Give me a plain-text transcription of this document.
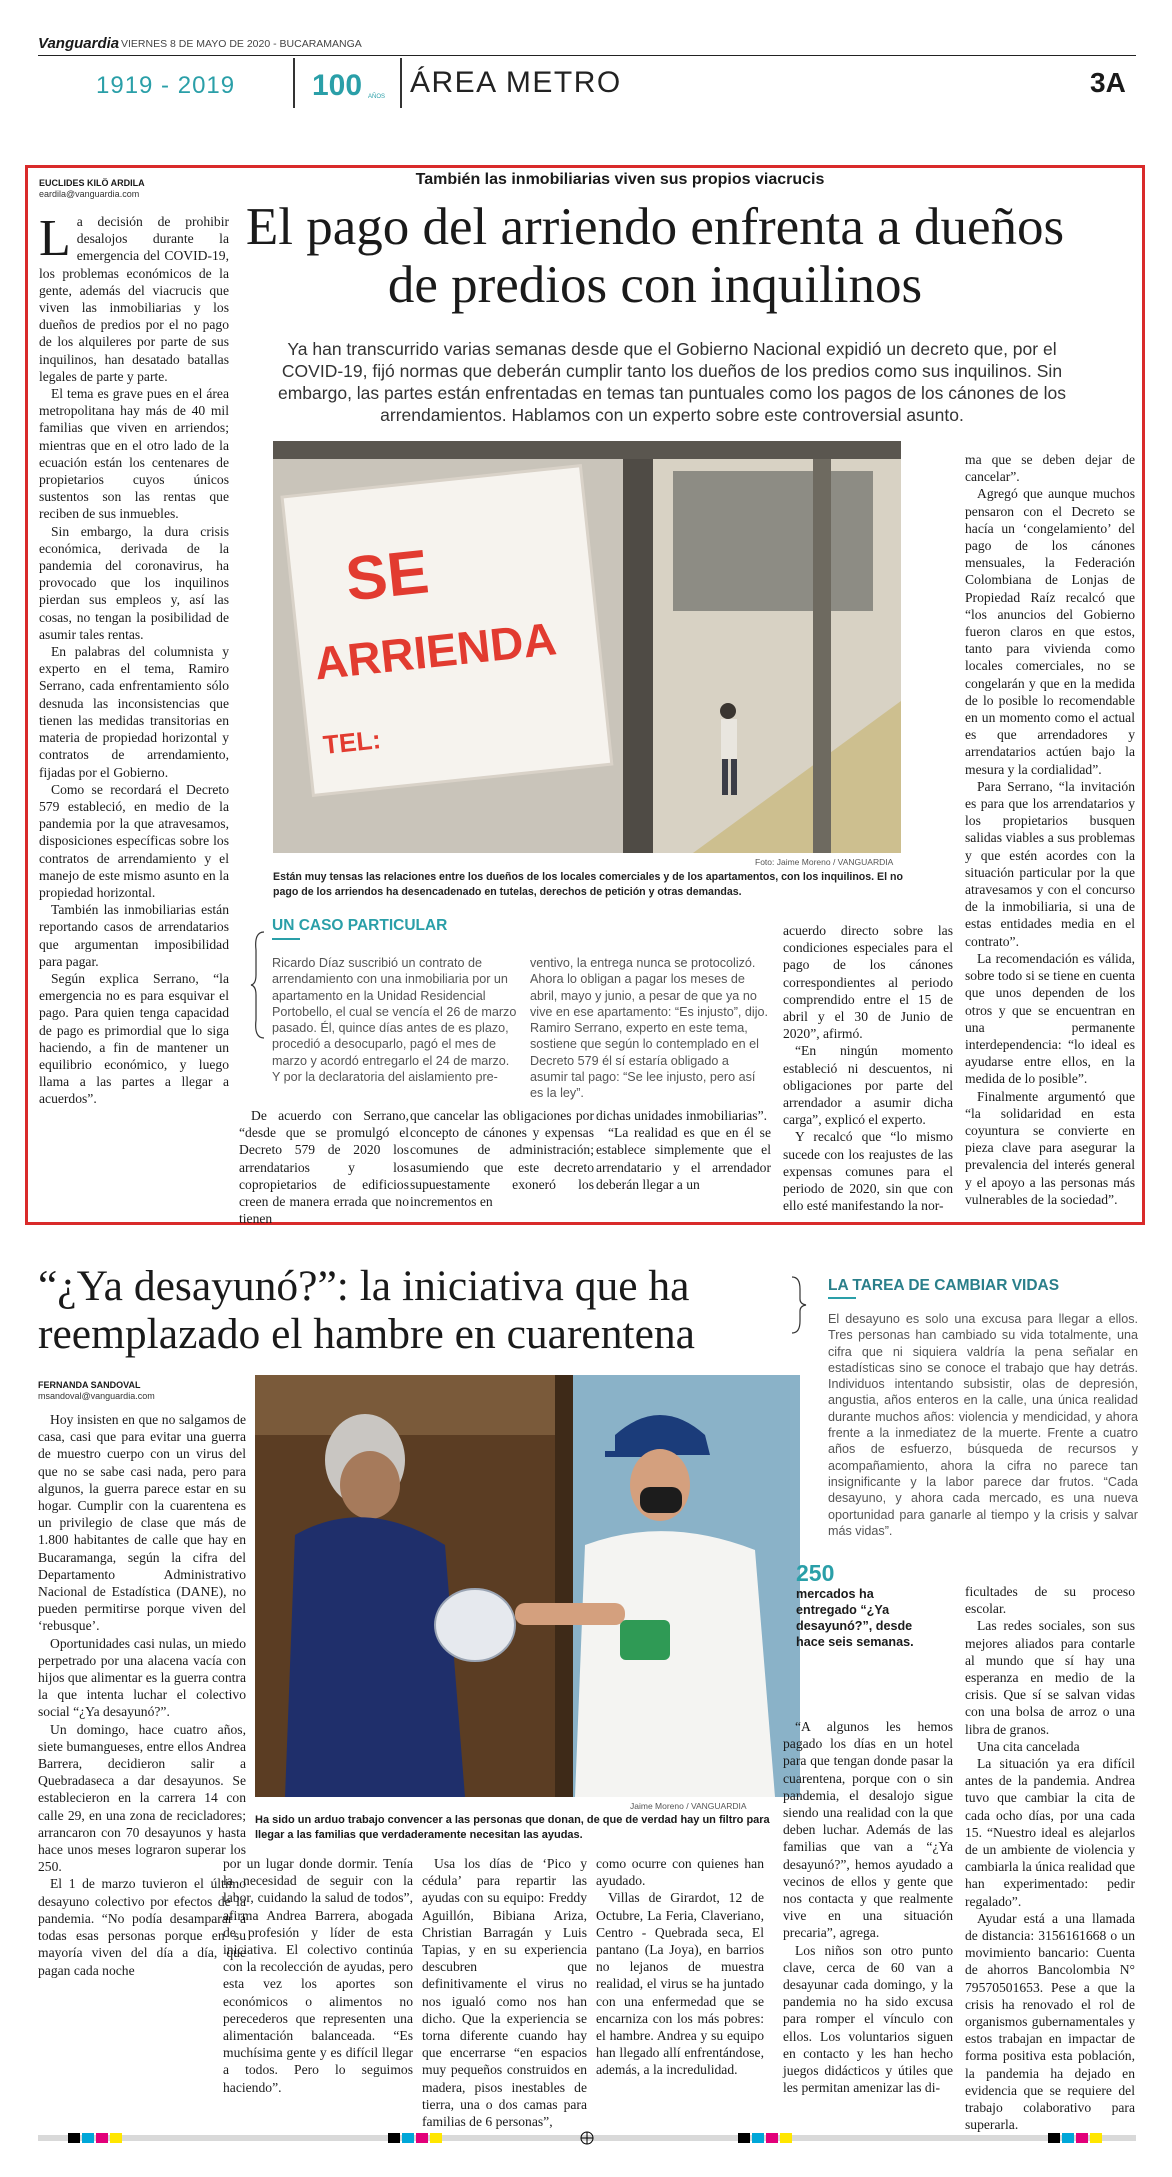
Vanguardia VIERNES 8 DE MAYO DE 2020 - BUCARAMANGA
1919 - 2019	100 AÑOS ÁREA METRO	3A
EUCLIDES KILÖ ARDILA
eardila@vanguardia.com
También las inmobiliarias viven sus propios viacrucis
El pago del arriendo enfrenta a dueños de predios con inquilinos
Ya han transcurrido varias semanas desde que el Gobierno Nacional expidió un decreto que, por el COVID-19, fijó normas que deberán cumplir tanto los dueños de los predios como sus inquilinos. Sin embargo, las partes están enfrentadas en temas tan puntuales como los pagos de los cánones de los arrendamientos. Hablamos con un experto sobre este controversial asunto.

La decisión de prohibir desalojos durante la emergencia del COVID-19, los problemas económicos de la gente, además del viacrucis que viven las inmobiliarias y los dueños de predios por el no pago de los alquileres por parte de sus inquilinos, han desatado batallas legales de parte y parte.

El tema es grave pues en el área metropolitana hay más de 40 mil familias que viven en arriendos; mientras que en el otro lado de la ecuación están los centenares de propietarios cuyos únicos sustentos son las rentas que reciben de sus inmuebles.

Sin embargo, la dura crisis económica, derivada de la pandemia del coronavirus, ha provocado que los inquilinos pierdan sus empleos y, así las cosas, no tengan la posibilidad de asumir tales rentas.

En palabras del columnista y experto en el tema, Ramiro Serrano, cada enfrentamiento sólo desnuda las inconsistencias que tienen las medidas transitorias en materia de propiedad horizontal y contratos de arrendamiento, fijadas por el Gobierno.

Como se recordará el Decreto 579 estableció, en medio de la pandemia por la que atravesamos, disposiciones específicas sobre los contratos de arrendamiento y el manejo de este mismo asunto en la propiedad horizontal.

También las inmobiliarias están reportando casos de arrendatarios que argumentan imposibilidad para pagar.

Según explica Serrano, “la emergencia no es para esquivar el pago. Para quien tenga capacidad de pago es primordial que lo siga haciendo, a fin de mantener un equilibrio económico, y luego llama a las partes a llegar a acuerdos”.

SE
ARRIENDA
TEL:
Foto: Jaime Moreno / VANGUARDIA
Están muy tensas las relaciones entre los dueños de los locales comerciales y de los apartamentos, con los inquilinos. El no pago de los arriendos ha desencadenado en tutelas, derechos de petición y otras demandas.
UN CASO PARTICULAR

Ricardo Díaz suscribió un contrato de arrendamiento con una inmobiliaria por un apartamento en la Unidad Residencial Portobello, el cual se vencía el 26 de marzo pasado. Él, quince días antes de es plazo, procedió a desocuparlo, pagó el mes de marzo y acordó entregarlo el 24 de marzo. Y por la declaratoria del aislamiento pre-

ventivo, la entrega nunca se protocolizó. Ahora lo obligan a pagar los meses de abril, mayo y junio, a pesar de que ya no vive en ese apartamento: “Es injusto”, dijo. Ramiro Serrano, experto en este tema, sostiene que según lo contemplado en el Decreto 579 él sí estaría obligado a asumir tal pago: “Se lee injusto, pero así es la ley”.

De acuerdo con Serrano, “desde que se promulgó el Decreto 579 de 2020 los arrendatarios y los copropietarios de edificios creen de manera errada que no tienen

que cancelar las obligaciones por concepto de cánones y expensas comunes de administración; asumiendo que este decreto supuestamente exoneró los incrementos en

dichas unidades inmobiliarias”.

“La realidad es que en él se establece simplemente que el arrendatario y el arrendador deberán llegar a un

acuerdo directo sobre las condiciones especiales para el pago de los cánones correspondientes al periodo comprendido entre el 15 de abril y el 30 de Junio de 2020”, afirmó.

“En ningún momento estableció ni descuentos, ni obligaciones por parte del arrendador a asumir dicha carga”, explicó el experto.

Y recalcó que “lo mismo sucede con los reajustes de las expensas comunes para el periodo de 2020, sin que con ello esté manifestando la nor-

ma que se deben dejar de cancelar”.

Agregó que aunque muchos pensaron con el Decreto se hacía un ‘congelamiento’ del pago de los cánones mensuales, la Federación Colombiana de Lonjas de Propiedad Raíz recalcó que “los anuncios del Gobierno fueron claros en que estos, tanto para vivienda como locales comerciales, no se congelarán y que en la medida de lo posible lo recomendable en un momento como el actual es que arrendadores y arrendatarios actúen bajo la mesura y la cordialidad”.

Para Serrano, “la invitación es para que los arrendatarios y los propietarios busquen salidas viables a sus problemas y que estén acordes con la situación particular por la que atravesamos y con el concurso de la inmobiliaria, si una de estas entidades media en el contrato”.

La recomendación es válida, sobre todo si se tiene en cuenta que unos dependen de los otros y que se encuentran en una permanente interdependencia: “lo ideal es ayudarse entre ellos, en la medida de lo posible”.

Finalmente argumentó que “la solidaridad en esta coyuntura se convierte en pieza clave para asegurar la prevalencia del interés general y el apoyo a las personas más vulnerables de la sociedad”.

“¿Ya desayunó?”: la iniciativa que ha reemplazado el hambre en cuarentena
FERNANDA SANDOVAL
msandoval@vanguardia.com

Hoy insisten en que no salgamos de casa, casi que para evitar una guerra de muestro cuerpo con un virus del que no se sabe casi nada, pero para algunos, la guerra parece estar en su hogar. Cumplir con la cuarentena es un privilegio de clase que más de 1.800 habitantes de calle que hay en Bucaramanga, según la cifra del Departamento Administrativo Nacional de Estadística (DANE), no pueden permitirse porque viven del ‘rebusque’.

Oportunidades casi nulas, un miedo perpetrado por una alacena vacía con hijos que alimentar es la guerra contra la que intenta luchar el colectivo social “¿Ya desayunó?”.

Un domingo, hace cuatro años, siete bumangueses, entre ellos Andrea Barrera, decidieron salir a Quebradaseca a dar desayunos. Se establecieron en la carrera 14 con calle 29, en una zona de recicladores; arrancaron con 70 desayunos y hasta hace unos meses lograron superar los 250.

El 1 de marzo tuvieron el último desayuno colectivo por efectos de la pandemia. “No podía desamparar a todas esas personas porque en su mayoría viven del día a día, que pagan cada noche

Jaime Moreno / VANGUARDIA
Ha sido un arduo trabajo convencer a las personas que donan, de que de verdad hay un filtro para llegar a las familias que verdaderamente necesitan las ayudas.

por un lugar donde dormir. Tenía la necesidad de seguir con la labor, cuidando la salud de todos”, afirma Andrea Barrera, abogada de profesión y líder de esta iniciativa. El colectivo continúa con la recolección de ayudas, pero esta vez los aportes son económicos o alimentos no perecederos que representen una alimentación balanceada. “Es muchísima gente y es difícil llegar a todos. Pero lo seguimos haciendo”.

Usa los días de ‘Pico y cédula’ para repartir las ayudas con su equipo: Freddy Aguillón, Bibiana Ariza, Christian Barragán y Luis Tapias, y en su experiencia descubren que definitivamente el virus no nos igualó como nos han dicho. Que la experiencia se torna diferente cuando hay que encerrarse “en espacios muy pequeños construidos en madera, pisos inestables de tierra, una o dos camas para familias de 6 personas”,

como ocurre con quienes han ayudado.

Villas de Girardot, 12 de Octubre, La Feria, Claveriano, Centro - Quebrada seca, El pantano (La Joya), en barrios no lejanos de muestra realidad, el virus se ha juntado con una enfermedad que se encarniza con los más pobres: el hambre. Andrea y su equipo han llegado allí enfrentándose, además, a la incredulidad.

LA TAREA DE CAMBIAR VIDAS
El desayuno es solo una excusa para llegar a ellos. Tres personas han cambiado su vida totalmente, una cifra que ni siquiera valdría la pena señalar en estadísticas sino se conoce el trabajo que hay detrás. Individuos intentando subsistir, olas de depresión, angustia, años enteros en la calle, una única realidad durante muchos años: violencia y mendicidad, y ahora frente a la inmediatez de la muerte. Frente a cuatro años de esfuerzo, búsqueda de recursos y acompañamiento, ahora la cifra no parece tan insignificante y la labor parece dar frutos. “Cada desayuno, y ahora cada mercado, es una nueva oportunidad para ganarle al tiempo y la crisis y salvar más vidas”.
250
mercados ha entregado “¿Ya desayunó?”, desde hace seis semanas.

“A algunos les hemos pagado los días en un hotel para que tengan donde pasar la cuarentena, porque con o sin pandemia, el desalojo sigue siendo una realidad con la que deben luchar. Además de las familias que van a “¿Ya desayunó?”, hemos ayudado a vecinos de ellos y gente que nos contacta y que realmente vive en una situación precaria”, agrega.

Los niños son otro punto clave, cerca de 60 van a desayunar cada domingo, y la pandemia no ha sido excusa para romper el vínculo con ellos. Los voluntarios siguen en contacto y les han hecho juegos didácticos y útiles que les permitan amenizar las di-

ficultades de su proceso escolar.

Las redes sociales, son sus mejores aliados para contarle al mundo que sí hay una esperanza en medio de la crisis. Que sí se salvan vidas con una bolsa de arroz o una libra de granos.

Una cita cancelada

La situación ya era difícil antes de la pandemia. Andrea tuvo que cambiar la cita de cada ocho días, por una cada 15. “Nuestro ideal es alejarlos de un ambiente de violencia y cambiarla la única realidad que han experimentado: pedir regalado”.

Ayudar está a una llamada de distancia: 3156161668 o un movimiento bancario: Cuenta de ahorros Bancolombia N° 79570501653. Pese a que la crisis ha renovado el rol de organismos gubernamentales y estos trabajan en impactar de forma positiva esta población, la pandemia ha dejado en evidencia que se requiere del trabajo colaborativo para superarla.
